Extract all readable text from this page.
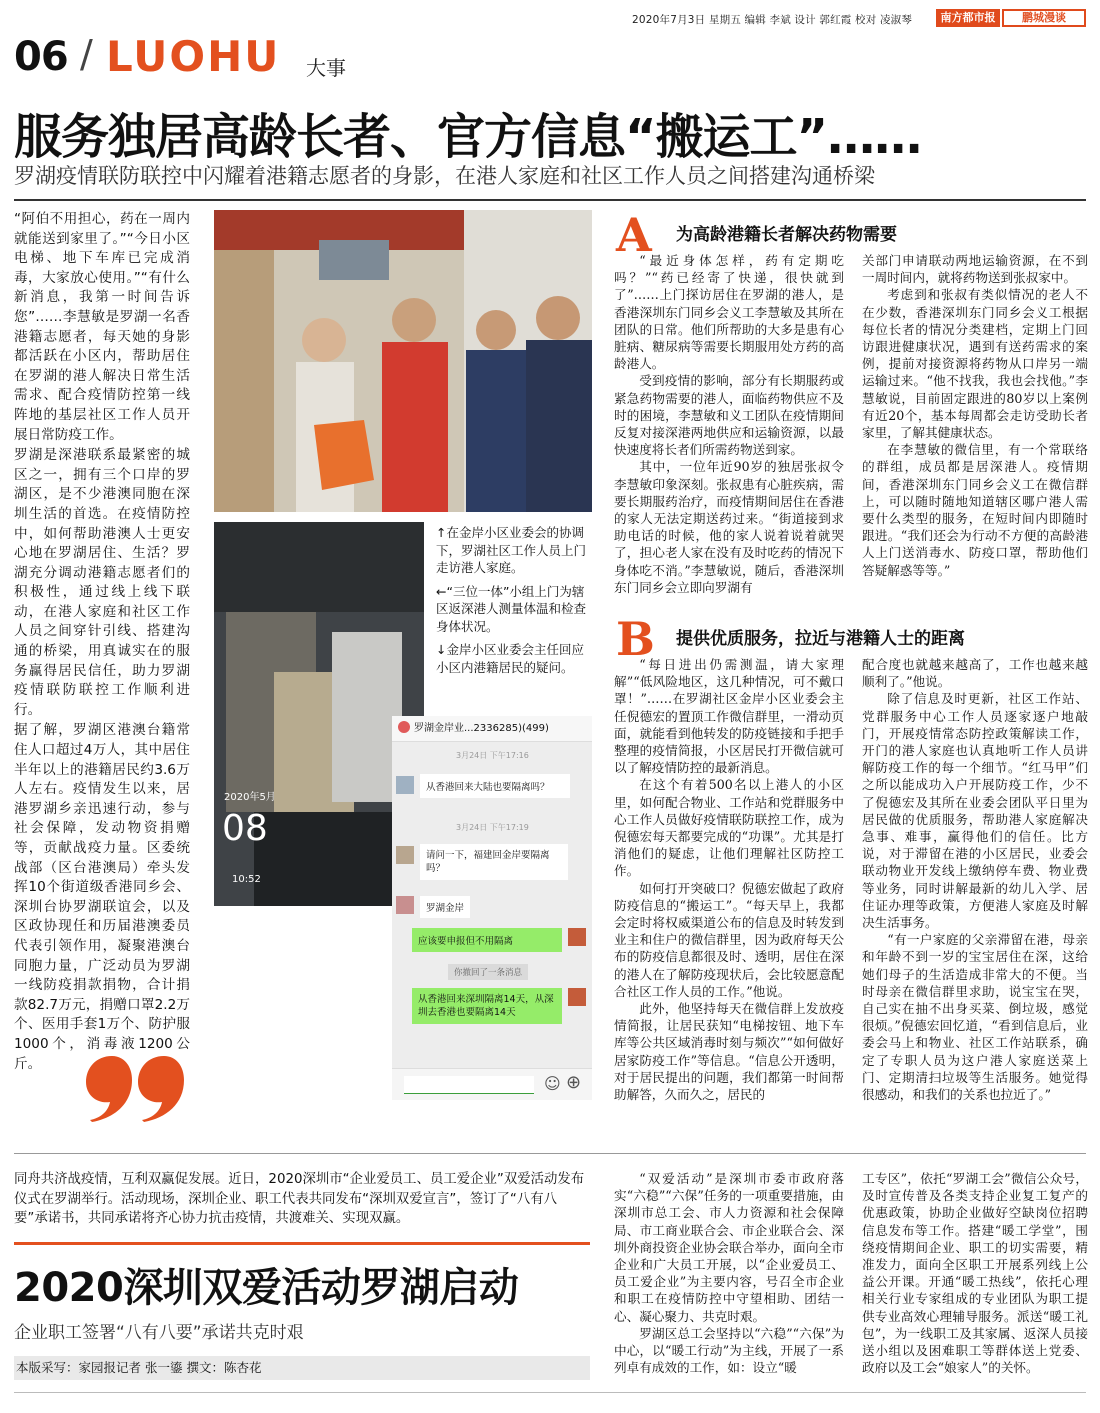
2020年7月3日 星期五 编辑 李斌 设计 郭红霞 校对 凌淑琴	南方都市报	鹏城漫谈
06 / LUOHU 大事
服务独居高龄长者、官方信息“搬运工”……
罗湖疫情联防联控中闪耀着港籍志愿者的身影，在港人家庭和社区工作人员之间搭建沟通桥梁

“阿伯不用担心，药在一周内就能送到家里了。”“今日小区电梯、地下车库已完成消毒，大家放心使用。”“有什么新消息，我第一时间告诉您”……李慧敏是罗湖一名香港籍志愿者，每天她的身影都活跃在小区内，帮助居住在罗湖的港人解决日常生活需求、配合疫情防控第一线阵地的基层社区工作人员开展日常防疫工作。

罗湖是深港联系最紧密的城区之一，拥有三个口岸的罗湖区，是不少港澳同胞在深圳生活的首选。在疫情防控中，如何帮助港澳人士更安心地在罗湖居住、生活？罗湖充分调动港籍志愿者们的积极性，通过线上线下联动，在港人家庭和社区工作人员之间穿针引线、搭建沟通的桥梁，用真诚实在的服务赢得居民信任，助力罗湖疫情联防联控工作顺利进行。

据了解，罗湖区港澳台籍常住人口超过4万人，其中居住半年以上的港籍居民约3.6万人左右。疫情发生以来，居港罗湖乡亲迅速行动，参与社会保障，发动物资捐赠等，贡献战疫力量。区委统战部（区台港澳局）牵头发挥10个街道级香港同乡会、深圳台协罗湖联谊会，以及区政协现任和历届港澳委员代表引领作用，凝聚港澳台同胞力量，广泛动员为罗湖一线防疫捐款捐物，合计捐款82.7万元，捐赠口罩2.2万个、医用手套1万个、防护服1000个，消毒液1200公斤。

2020年5月
08
10:52
罗湖金岸业...2336285)(499)
3月24日 下午17:16
从香港回来大陆也要隔离吗？
3月24日 下午17:19
请问一下，福建回金岸要隔离吗？
罗湖金岸
应该要申报但不用隔离
你撤回了一条消息
从香港回来深圳隔离14天，从深圳去香港也要隔离14天
☺ ⊕

↑在金岸小区业委会的协调下，罗湖社区工作人员上门走访港人家庭。

←“三位一体”小组上门为辖区返深港人测量体温和检查身体状况。

↓金岸小区业委会主任回应小区内港籍居民的疑问。

A 为高龄港籍长者解决药物需要

“最近身体怎样，药有定期吃吗？”“药已经寄了快递，很快就到了”……上门探访居住在罗湖的港人，是香港深圳东门同乡会义工李慧敏及其所在团队的日常。他们所帮助的大多是患有心脏病、糖尿病等需要长期服用处方药的高龄港人。

受到疫情的影响，部分有长期服药或紧急药物需要的港人，面临药物供应不及时的困境，李慧敏和义工团队在疫情期间反复对接深港两地供应和运输资源，以最快速度将长者们所需药物送到家。

其中，一位年近90岁的独居张叔令李慧敏印象深刻。张叔患有心脏疾病，需要长期服药治疗，而疫情期间居住在香港的家人无法定期送药过来。“街道接到求助电话的时候，他的家人说着说着就哭了，担心老人家在没有及时吃药的情况下身体吃不消。”李慧敏说，随后，香港深圳东门同乡会立即向罗湖有

关部门申请联动两地运输资源，在不到一周时间内，就将药物送到张叔家中。

考虑到和张叔有类似情况的老人不在少数，香港深圳东门同乡会义工根据每位长者的情况分类建档，定期上门回访跟进健康状况，遇到有送药需求的案例，提前对接资源将药物从口岸另一端运输过来。“他不找我，我也会找他。”李慧敏说，目前固定跟进的80岁以上案例有近20个，基本每周都会走访受助长者家里，了解其健康状态。

在李慧敏的微信里，有一个常联络的群组，成员都是居深港人。疫情期间，香港深圳东门同乡会义工在微信群上，可以随时随地知道辖区哪户港人需要什么类型的服务，在短时间内即随时跟进。“我们还会为行动不方便的高龄港人上门送消毒水、防疫口罩，帮助他们答疑解惑等等。”

B 提供优质服务，拉近与港籍人士的距离

“每日进出仍需测温，请大家理解”“低风险地区，这几种情况，可不戴口罩！”……在罗湖社区金岸小区业委会主任倪德宏的置顶工作微信群里，一滑动页面，就能看到他转发的防疫链接和手把手整理的疫情简报，小区居民打开微信就可以了解疫情防控的最新消息。

在这个有着500名以上港人的小区里，如何配合物业、工作站和党群服务中心工作人员做好疫情联防联控工作，成为倪德宏每天都要完成的“功课”。尤其是打消他们的疑虑，让他们理解社区防控工作。

如何打开突破口？倪德宏做起了政府防疫信息的“搬运工”。“每天早上，我都会定时将权威渠道公布的信息及时转发到业主和住户的微信群里，因为政府每天公布的防疫信息都很及时、透明，居住在深的港人在了解防疫现状后，会比较愿意配合社区工作人员的工作。”他说。

此外，他坚持每天在微信群上发放疫情简报，让居民获知“电梯按钮、地下车库等公共区域消毒时刻与频次”“如何做好居家防疫工作”等信息。“信息公开透明，对于居民提出的问题，我们都第一时间帮助解答，久而久之，居民的

配合度也就越来越高了，工作也越来越顺利了。”他说。

除了信息及时更新，社区工作站、党群服务中心工作人员逐家逐户地敲门，开展疫情常态防控政策解读工作，开门的港人家庭也认真地听工作人员讲解防疫工作的每一个细节。“红马甲”们之所以能成功入户开展防疫工作，少不了倪德宏及其所在业委会团队平日里为居民做的优质服务，帮助港人家庭解决急事、难事，赢得他们的信任。比方说，对于滞留在港的小区居民，业委会联动物业开发线上缴纳停车费、物业费等业务，同时讲解最新的幼儿入学、居住证办理等政策，方便港人家庭及时解决生活事务。

“有一户家庭的父亲滞留在港，母亲和年龄不到一岁的宝宝居住在深，这给她们母子的生活造成非常大的不便。当时母亲在微信群里求助，说宝宝在哭，自己实在抽不出身买菜、倒垃圾，感觉很烦。”倪德宏回忆道，“看到信息后，业委会马上和物业、社区工作站联系，确定了专职人员为这户港人家庭送菜上门、定期清扫垃圾等生活服务。她觉得很感动，和我们的关系也拉近了。”

同舟共济战疫情，互利双赢促发展。近日，2020深圳市“企业爱员工、员工爱企业”双爱活动发布仪式在罗湖举行。活动现场，深圳企业、职工代表共同发布“深圳双爱宣言”，签订了“八有八要”承诺书，共同承诺将齐心协力抗击疫情，共渡难关、实现双赢。
2020深圳双爱活动罗湖启动
企业职工签署“八有八要”承诺共克时艰
本版采写：家园报记者 张一鎏 撰文：陈杏花

“双爱活动”是深圳市委市政府落实“六稳”“六保”任务的一项重要措施，由深圳市总工会、市人力资源和社会保障局、市工商业联合会、市企业联合会、深圳外商投资企业协会联合举办，面向全市企业和广大员工开展，以“企业爱员工、员工爱企业”为主要内容，号召全市企业和职工在疫情防控中守望相助、团结一心、凝心聚力、共克时艰。

罗湖区总工会坚持以“六稳”“六保”为中心，以“暖工行动”为主线，开展了一系列卓有成效的工作，如：设立“暖

工专区”，依托“罗湖工会”微信公众号，及时宣传普及各类支持企业复工复产的优惠政策，协助企业做好空缺岗位招聘信息发布等工作。搭建“暖工学堂”，围绕疫情期间企业、职工的切实需要，精准发力，面向全区职工开展系列线上公益公开课。开通“暖工热线”，依托心理相关行业专家组成的专业团队为职工提供专业高效心理辅导服务。派送“暖工礼包”，为一线职工及其家属、返深人员接送小组以及困难职工等群体送上党委、政府以及工会“娘家人”的关怀。
